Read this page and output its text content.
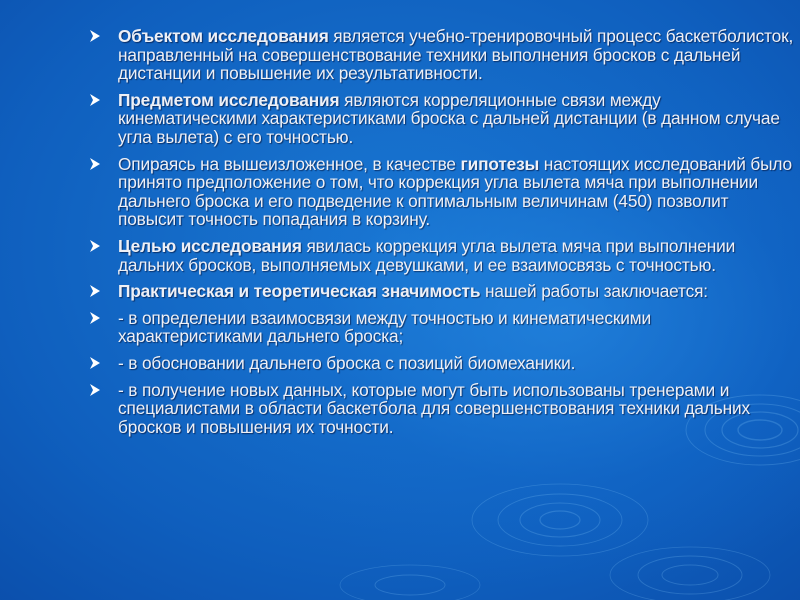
Объектом исследования является учебно-тренировочный процесс баскетболисток, направленный на совершенствование техники выполнения бросков с дальней дистанции и повышение их результативности.
Предметом исследования являются корреляционные связи между кинематическими характеристиками броска с дальней дистанции (в данном случае угла вылета) с его точностью.
Опираясь на вышеизложенное, в качестве гипотезы настоящих исследований было принято предположение о том, что коррекция угла вылета мяча при выполнении дальнего броска и его подведение к оптимальным величинам (450) позволит повысит точность попадания в корзину.
Целью исследования явилась коррекция угла вылета мяча при выполнении дальних бросков, выполняемых девушками, и ее взаимосвязь с точностью.
Практическая и теоретическая значимость нашей работы заключается:
- в определении взаимосвязи между точностью и кинематическими характеристиками дальнего броска;
- в обосновании дальнего броска с позиций биомеханики.
- в получение новых данных, которые могут быть использованы тренерами и специалистами в области баскетбола для совершенствования техники дальних бросков и повышения их точности.
